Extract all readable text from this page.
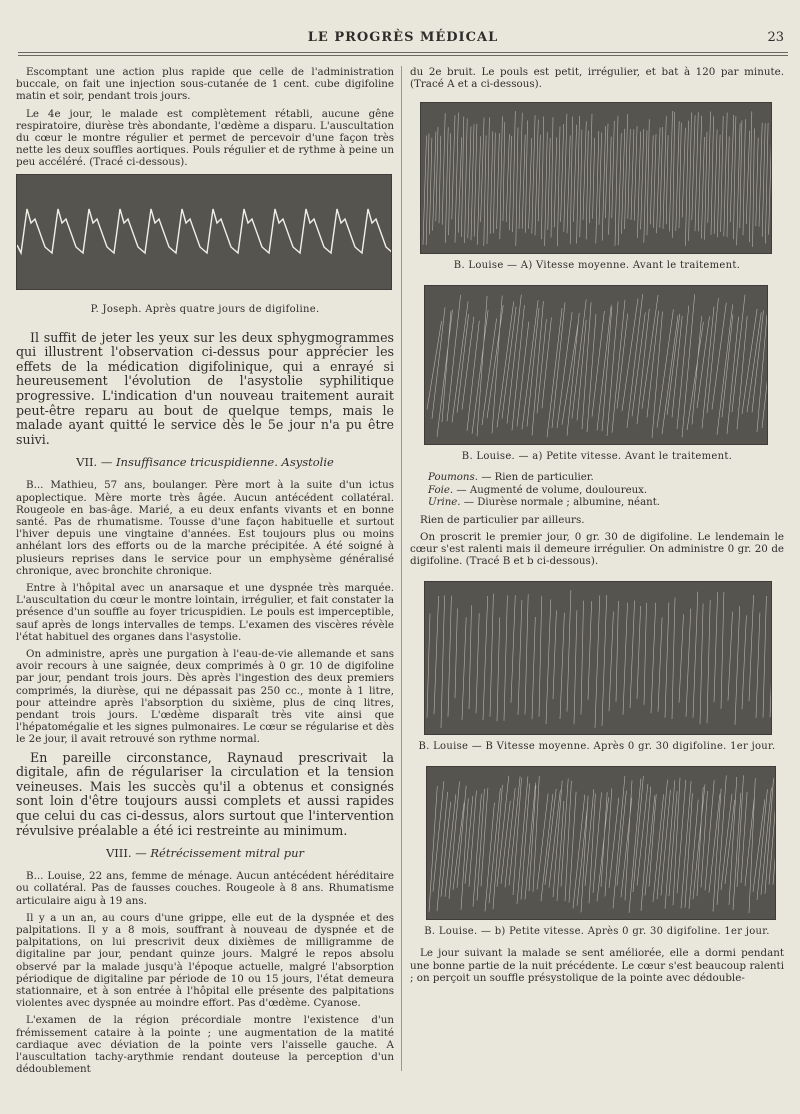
LE PROGRÈS MÉDICAL	23

Escomptant une action plus rapide que celle de l'administration buccale, on fait une injection sous-cutanée de 1 cent. cube digifoline matin et soir, pendant trois jours.

Le 4e jour, le malade est complètement rétabli, aucune gêne respiratoire, diurèse très abondante, l'œdème a disparu. L'auscultation du cœur le montre régulier et permet de percevoir d'une façon très nette les deux souffles aortiques. Pouls régulier et de rythme à peine un peu accéléré. (Tracé ci-dessous).

P. Joseph. Après quatre jours de digifoline.

Il suffit de jeter les yeux sur les deux sphygmogrammes qui illustrent l'observation ci-dessus pour apprécier les effets de la médication digifolinique, qui a enrayé si heureusement l'évolution de l'asystolie syphilitique progressive. L'indication d'un nouveau traitement aurait peut-être reparu au bout de quelque temps, mais le malade ayant quitté le service dès le 5e jour n'a pu être suivi.

VII. — Insuffisance tricuspidienne. Asystolie

B... Mathieu, 57 ans, boulanger. Père mort à la suite d'un ictus apoplectique. Mère morte très âgée. Aucun antécédent collatéral. Rougeole en bas-âge. Marié, a eu deux enfants vivants et en bonne santé. Pas de rhumatisme. Tousse d'une façon habituelle et surtout l'hiver depuis une vingtaine d'années. Est toujours plus ou moins anhélant lors des efforts ou de la marche précipitée. A été soigné à plusieurs reprises dans le service pour un emphysème généralisé chronique, avec bronchite chronique.

Entre à l'hôpital avec un anarsaque et une dyspnée très marquée. L'auscultation du cœur le montre lointain, irrégulier, et fait constater la présence d'un souffle au foyer tricuspidien. Le pouls est imperceptible, sauf après de longs intervalles de temps. L'examen des viscères révèle l'état habituel des organes dans l'asystolie.

On administre, après une purgation à l'eau-de-vie allemande et sans avoir recours à une saignée, deux comprimés à 0 gr. 10 de digifoline par jour, pendant trois jours. Dès après l'ingestion des deux premiers comprimés, la diurèse, qui ne dépassait pas 250 cc., monte à 1 litre, pour atteindre après l'absorption du sixième, plus de cinq litres, pendant trois jours. L'œdème disparaît très vite ainsi que l'hépatomégalie et les signes pulmonaires. Le cœur se régularise et dès le 2e jour, il avait retrouvé son rythme normal.

En pareille circonstance, Raynaud prescrivait la digitale, afin de régulariser la circulation et la tension veineuses. Mais les succès qu'il a obtenus et consignés sont loin d'être toujours aussi complets et aussi rapides que celui du cas ci-dessus, alors surtout que l'intervention révulsive préalable a été ici restreinte au minimum.

VIII. — Rétrécissement mitral pur

B... Louise, 22 ans, femme de ménage. Aucun antécédent héréditaire ou collatéral. Pas de fausses couches. Rougeole à 8 ans. Rhumatisme articulaire aigu à 19 ans.

Il y a un an, au cours d'une grippe, elle eut de la dyspnée et des palpitations. Il y a 8 mois, souffrant à nouveau de dyspnée et de palpitations, on lui prescrivit deux dixièmes de milligramme de digitaline par jour, pendant quinze jours. Malgré le repos absolu observé par la malade jusqu'à l'époque actuelle, malgré l'absorption périodique de digitaline par période de 10 ou 15 jours, l'état demeura stationnaire, et à son entrée à l'hôpital elle présente des palpitations violentes avec dyspnée au moindre effort. Pas d'œdème. Cyanose.

L'examen de la région précordiale montre l'existence d'un frémissement cataire à la pointe ; une augmentation de la matité cardiaque avec déviation de la pointe vers l'aisselle gauche. A l'auscultation tachy-arythmie rendant douteuse la perception d'un dédoublement

du 2e bruit. Le pouls est petit, irrégulier, et bat à 120 par minute. (Tracé A et a ci-dessous).

B. Louise — A) Vitesse moyenne. Avant le traitement.

B. Louise. — a) Petite vitesse. Avant le traitement.

Poumons. — Rien de particulier.

Foie. — Augmenté de volume, douloureux.

Urine. — Diurèse normale ; albumine, néant.

Rien de particulier par ailleurs.

On proscrit le premier jour, 0 gr. 30 de digifoline. Le lendemain le cœur s'est ralenti mais il demeure irrégulier. On administre 0 gr. 20 de digifoline. (Tracé B et b ci-dessous).

B. Louise — B Vitesse moyenne. Après 0 gr. 30 digifoline. 1er jour.

B. Louise. — b) Petite vitesse. Après 0 gr. 30 digifoline. 1er jour.

Le jour suivant la malade se sent améliorée, elle a dormi pendant une bonne partie de la nuit précédente. Le cœur s'est beaucoup ralenti ; on perçoit un souffle présystolique de la pointe avec dédouble-
